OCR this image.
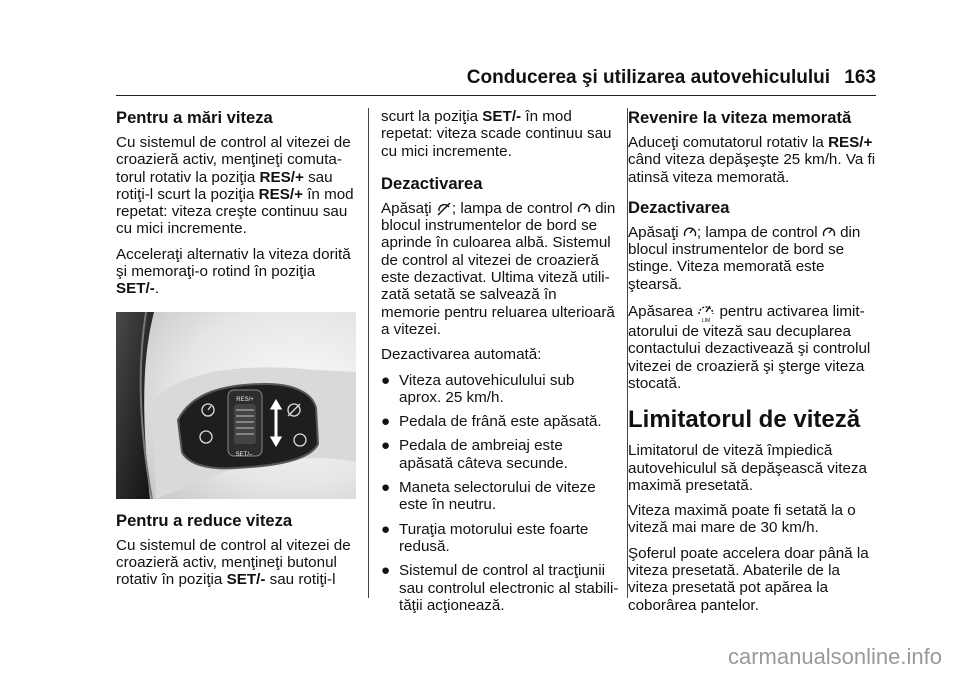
Conducerea şi utilizarea autovehiculului 163
Pentru a mări viteza

Cu sistemul de control al vitezei de croazieră activ, menţineţi comuta-torul rotativ la poziţia RES/+ sau rotiţi-l scurt la poziţia RES/+ în mod repetat: viteza creşte continuu sau cu mici incremente.

Acceleraţi alternativ la viteza dorită şi memoraţi-o rotind în poziţia SET/-.

RES/+
SET/–
Pentru a reduce viteza

Cu sistemul de control al vitezei de croazieră activ, menţineţi butonul rotativ în poziţia SET/- sau rotiţi-l

scurt la poziţia SET/- în mod repetat: viteza scade continuu sau cu mici incremente.

Dezactivarea

Apăsaţi ; lampa de control  din blocul instrumentelor de bord se aprinde în culoarea albă. Sistemul de control al vitezei de croazieră este dezactivat. Ultima viteză utili-zată setată se salvează în memorie pentru reluarea ulterioară a vitezei.

Dezactivarea automată:

● Viteza autovehiculului sub aprox. 25 km/h.
● Pedala de frână este apăsată.
● Pedala de ambreiaj este apăsată câteva secunde.
● Maneta selectorului de viteze este în neutru.
● Turaţia motorului este foarte redusă.
● Sistemul de control al tracţiunii sau controlul electronic al stabili-tăţii acţionează.
Revenire la viteza memorată

Aduceţi comutatorul rotativ la RES/+ când viteza depăşeşte 25 km/h. Va fi atinsă viteza memorată.

Dezactivarea

Apăsaţi ; lampa de control  din blocul instrumentelor de bord se stinge. Viteza memorată este ştearsă.

Apăsarea
LIM
pentru activarea limit-atorului de viteză sau decuplarea contactului dezactivează şi controlul vitezei de croazieră şi şterge viteza stocată.

Limitatorul de viteză

Limitatorul de viteză împiedică autovehiculul să depăşească viteza maximă presetată.

Viteza maximă poate fi setată la o viteză mai mare de 30 km/h.

Şoferul poate accelera doar până la viteza presetată. Abaterile de la viteza presetată pot apărea la coborârea pantelor.

carmanualsonline.info
